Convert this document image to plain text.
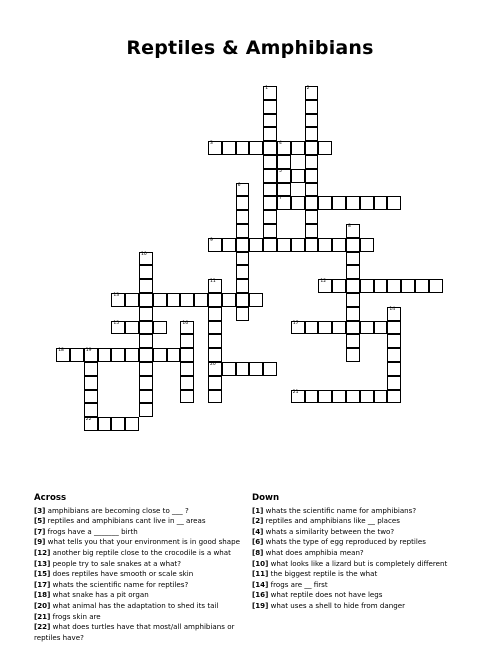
Reptiles & Amphibians
1	2
3	4
5
7
6
8
9
10
11
20
12
13
14
15	16	17
18	19
22
21
Across
[3] amphibians are becoming close to ___ ?
[5] reptiles and amphibians cant live in __ areas
[7] frogs have a _______ birth
[9] what tells you that your environment is in good shape
[12] another big reptile close to the crocodile is a what
[13] people try to sale snakes at a what?
[15] does reptiles have smooth or scale skin
[17] whats the scientific name for reptiles?
[18] what snake has a pit organ
[20] what animal has the adaptation to shed its tail
[21] frogs skin are
[22] what does turtles have that most/all amphibians or reptiles have?
Down
[1] whats the scientific name for amphibians?
[2] reptiles and amphibians like __ places
[4] whats a similarity between the two?
[6] whats the type of egg reproduced by reptiles
[8] what does amphibia mean?
[10] what looks like a lizard but is completely different
[11] the biggest reptile is the what
[14] frogs are __ first
[16] what reptile does not have legs
[19] what uses a shell to hide from danger
